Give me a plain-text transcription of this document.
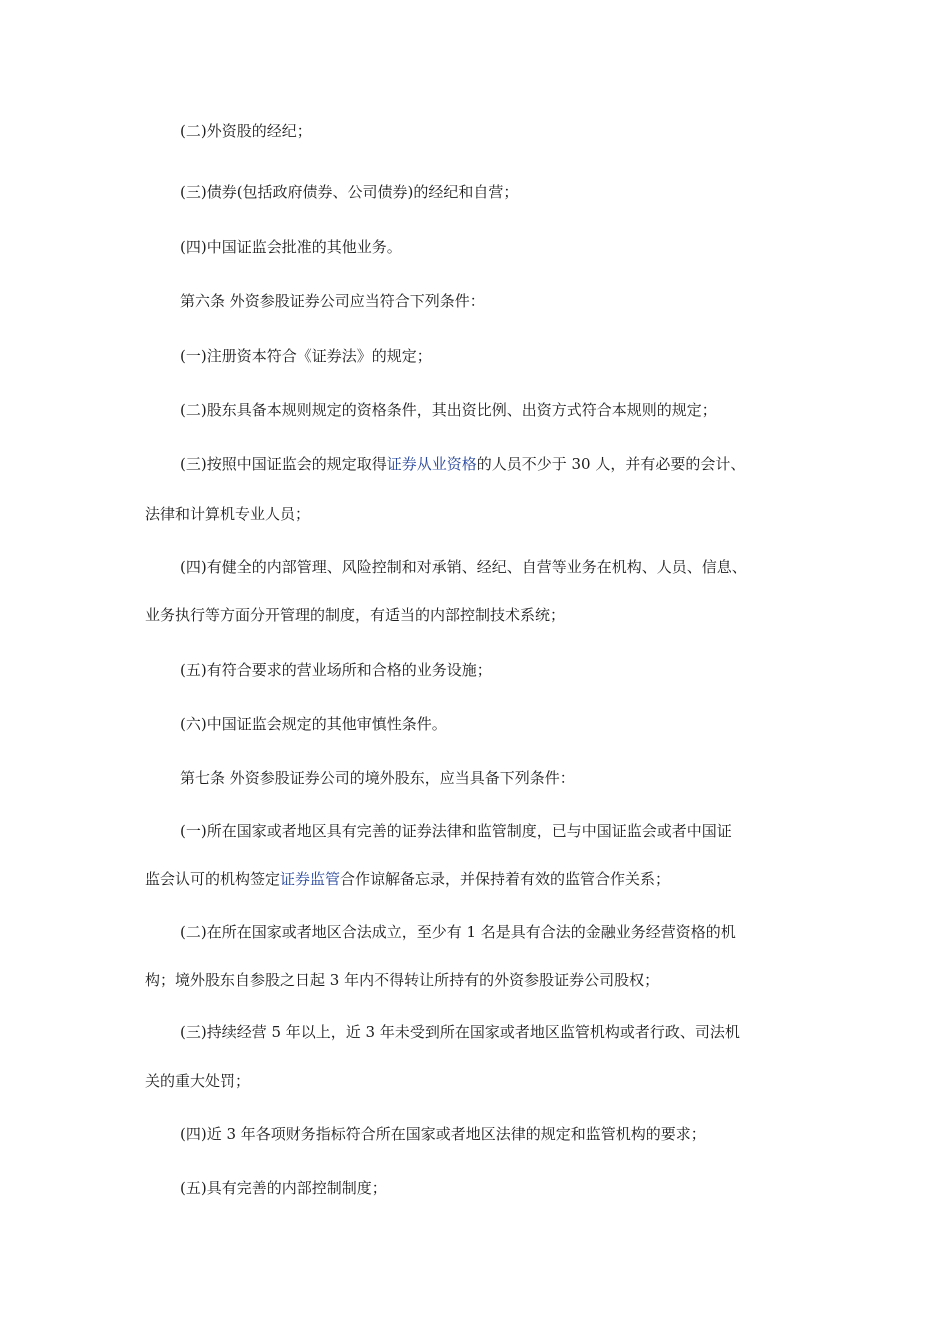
(二)外资股的经纪；
(三)债券(包括政府债券、公司债券)的经纪和自营；
(四)中国证监会批准的其他业务。
第六条 外资参股证券公司应当符合下列条件：
(一)注册资本符合《证券法》的规定；
(二)股东具备本规则规定的资格条件，其出资比例、出资方式符合本规则的规定；
(三)按照中国证监会的规定取得证券从业资格的人员不少于 30 人，并有必要的会计、
法律和计算机专业人员；
(四)有健全的内部管理、风险控制和对承销、经纪、自营等业务在机构、人员、信息、
业务执行等方面分开管理的制度，有适当的内部控制技术系统；
(五)有符合要求的营业场所和合格的业务设施；
(六)中国证监会规定的其他审慎性条件。
第七条 外资参股证券公司的境外股东，应当具备下列条件：
(一)所在国家或者地区具有完善的证券法律和监管制度，已与中国证监会或者中国证
监会认可的机构签定证券监管合作谅解备忘录，并保持着有效的监管合作关系；
(二)在所在国家或者地区合法成立，至少有 1 名是具有合法的金融业务经营资格的机
构；境外股东自参股之日起 3 年内不得转让所持有的外资参股证券公司股权；
(三)持续经营 5 年以上，近 3 年未受到所在国家或者地区监管机构或者行政、司法机
关的重大处罚；
(四)近 3 年各项财务指标符合所在国家或者地区法律的规定和监管机构的要求；
(五)具有完善的内部控制制度；
